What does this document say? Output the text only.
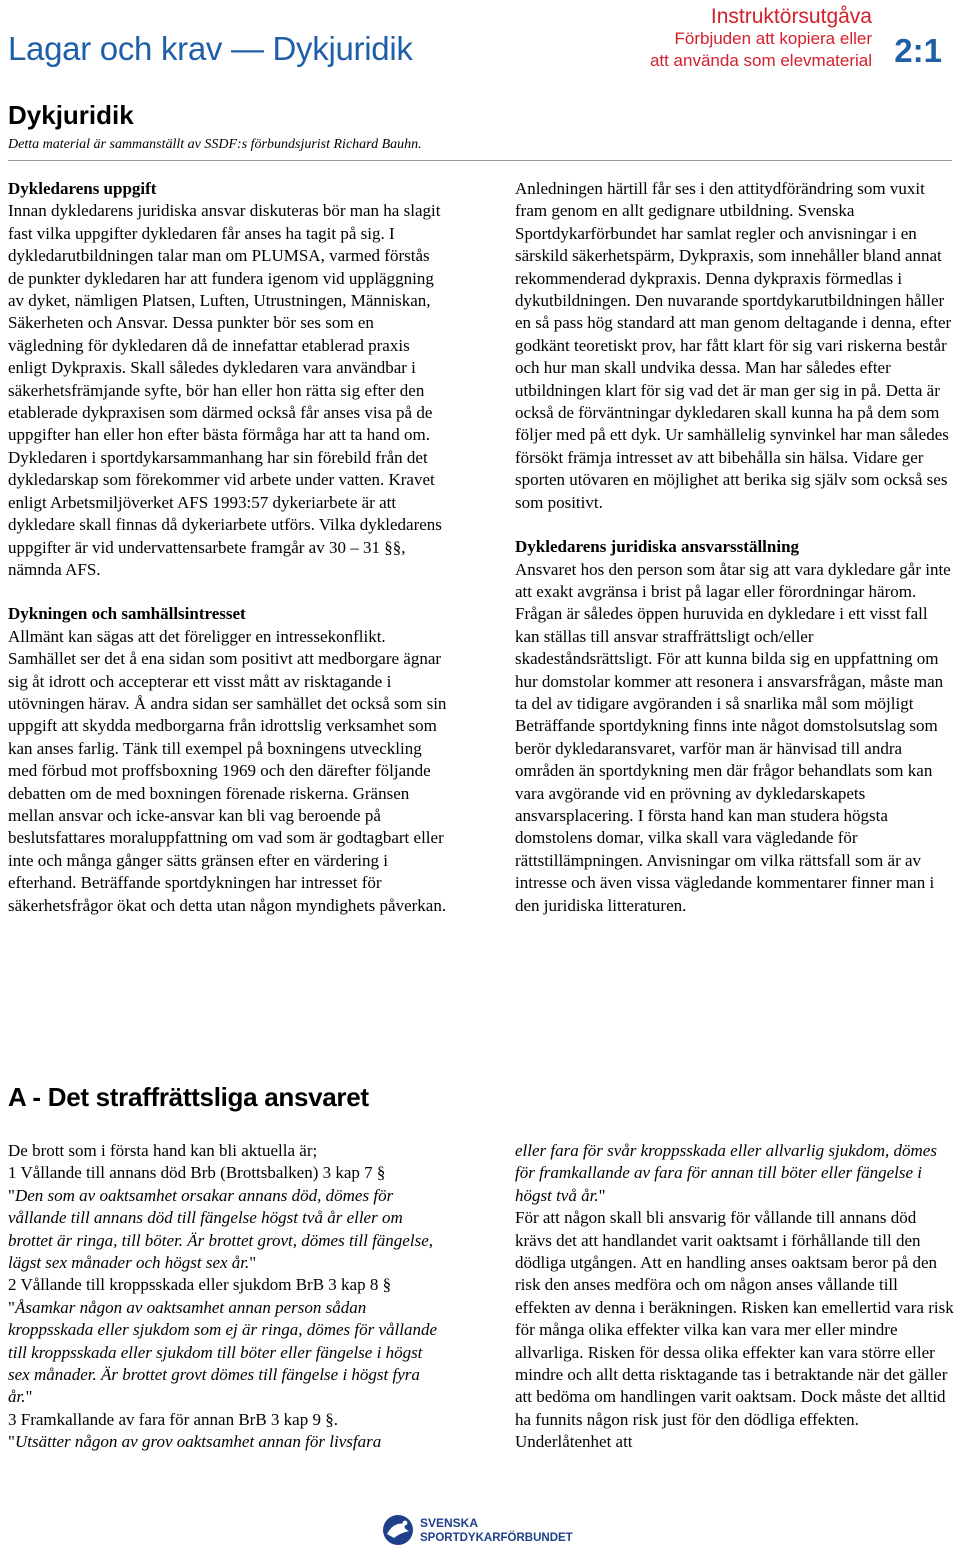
Lagar och krav — Dykjuridik
Instruktörsutgåva
Förbjuden att kopiera eller
att använda som elevmaterial 2:1
Dykjuridik
Detta material är sammanställt av SSDF:s förbundsjurist Richard Bauhn.
Dykledarens uppgift

Innan dykledarens juridiska ansvar diskuteras bör man ha slagit fast vilka uppgifter dykledaren får anses ha tagit på sig. I dykledarutbildningen talar man om PLUMSA, varmed förstås de punkter dykledaren har att fundera igenom vid uppläggning av dyket, nämligen Platsen, Luften, Utrustningen, Människan, Säkerheten och Ansvar. Dessa punkter bör ses som en vägledning för dykledaren då de innefattar etablerad praxis enligt Dykpraxis. Skall således dykledaren vara användbar i säkerhetsfrämjande syfte, bör han eller hon rätta sig efter den etablerade dykpraxisen som därmed också får anses visa på de uppgifter han eller hon efter bästa förmåga har att ta hand om. Dykledaren i sportdykarsammanhang har sin förebild från det dykledarskap som förekommer vid arbete under vatten. Kravet enligt Arbetsmiljöverket AFS 1993:57 dykeriarbete är att dykledare skall finnas då dykeriarbete utförs. Vilka dykledarens uppgifter är vid undervattensarbete framgår av 30 – 31 §§, nämnda AFS.

Dykningen och samhällsintresset

Allmänt kan sägas att det föreligger en intressekonflikt. Samhället ser det å ena sidan som positivt att medborgare ägnar sig åt idrott och accepterar ett visst mått av risktagande i utövningen härav. Å andra sidan ser samhället det också som sin uppgift att skydda medborgarna från idrottslig verksamhet som kan anses farlig. Tänk till exempel på boxningens utveckling med förbud mot proffsboxning 1969 och den därefter följande debatten om de med boxningen förenade riskerna. Gränsen mellan ansvar och icke-ansvar kan bli vag beroende på beslutsfattares moraluppfattning om vad som är godtagbart eller inte och många gånger sätts gränsen efter en värdering i efterhand. Beträffande sportdykningen har intresset för säkerhetsfrågor ökat och detta utan någon myndighets påverkan.

Anledningen härtill får ses i den attitydförändring som vuxit fram genom en allt gedignare utbildning. Svenska Sportdykarförbundet har samlat regler och anvisningar i en särskild säkerhetspärm, Dykpraxis, som innehåller bland annat rekommenderad dykpraxis. Denna dykpraxis förmedlas i dykutbildningen. Den nuvarande sportdykarutbildningen håller en så pass hög standard att man genom deltagande i denna, efter godkänt teoretiskt prov, har fått klart för sig vari riskerna består och hur man skall undvika dessa. Man har således efter utbildningen klart för sig vad det är man ger sig in på. Detta är också de förväntningar dykledaren skall kunna ha på dem som följer med på ett dyk. Ur samhällelig synvinkel har man således försökt främja intresset av att bibehålla sin hälsa. Vidare ger sporten utövaren en möjlighet att berika sig själv som också ses som positivt.

Dykledarens juridiska ansvarsställning

Ansvaret hos den person som åtar sig att vara dykledare går inte att exakt avgränsa i brist på lagar eller förordningar härom. Frågan är således öppen huruvida en dykledare i ett visst fall kan ställas till ansvar straffrättsligt och/eller skadeståndsrättsligt. För att kunna bilda sig en uppfattning om hur domstolar kommer att resonera i ansvarsfrågan, måste man ta del av tidigare avgöranden i så snarlika mål som möjligt Beträffande sportdykning finns inte något domstolsutslag som berör dykledaransvaret, varför man är hänvisad till andra områden än sportdykning men där frågor behandlats som kan vara avgörande vid en prövning av dykledarskapets ansvarsplacering. I första hand kan man studera högsta domstolens domar, vilka skall vara vägledande för rättstillämpningen. Anvisningar om vilka rättsfall som är av intresse och även vissa vägledande kommentarer finner man i den juridiska litteraturen.

A - Det straffrättsliga ansvaret

De brott som i första hand kan bli aktuella är;

1 Vållande till annans död Brb (Brottsbalken) 3 kap 7 §

"Den som av oaktsamhet orsakar annans död, dömes för vållande till annans död till fängelse högst två år eller om brottet är ringa, till böter. Är brottet grovt, dömes till fängelse, lägst sex månader och högst sex år."

2 Vållande till kroppsskada eller sjukdom BrB 3 kap 8 §

"Åsamkar någon av oaktsamhet annan person sådan kroppsskada eller sjukdom som ej är ringa, dömes för vållande till kroppsskada eller sjukdom till böter eller fängelse i högst sex månader. Är brottet grovt dömes till fängelse i högst fyra år."

3 Framkallande av fara för annan BrB 3 kap 9 §.

"Utsätter någon av grov oaktsamhet annan för livsfara

eller fara för svår kroppsskada eller allvarlig sjukdom, dömes för framkallande av fara för annan till böter eller fängelse i högst två år."

För att någon skall bli ansvarig för vållande till annans död krävs det att handlandet varit oaktsamt i förhållande till den dödliga utgången. Att en handling anses oaktsam beror på den risk den anses medföra och om någon anses vållande till effekten av denna i beräkningen. Risken kan emellertid vara risk för många olika effekter vilka kan vara mer eller mindre allvarliga. Risken för dessa olika effekter kan vara större eller mindre och allt detta risktagande tas i betraktande när det gäller att bedöma om handlingen varit oaktsam. Dock måste det alltid ha funnits någon risk just för den dödliga effekten. Underlåtenhet att

SVENSKA
SPORTDYKARFÖRBUNDET
